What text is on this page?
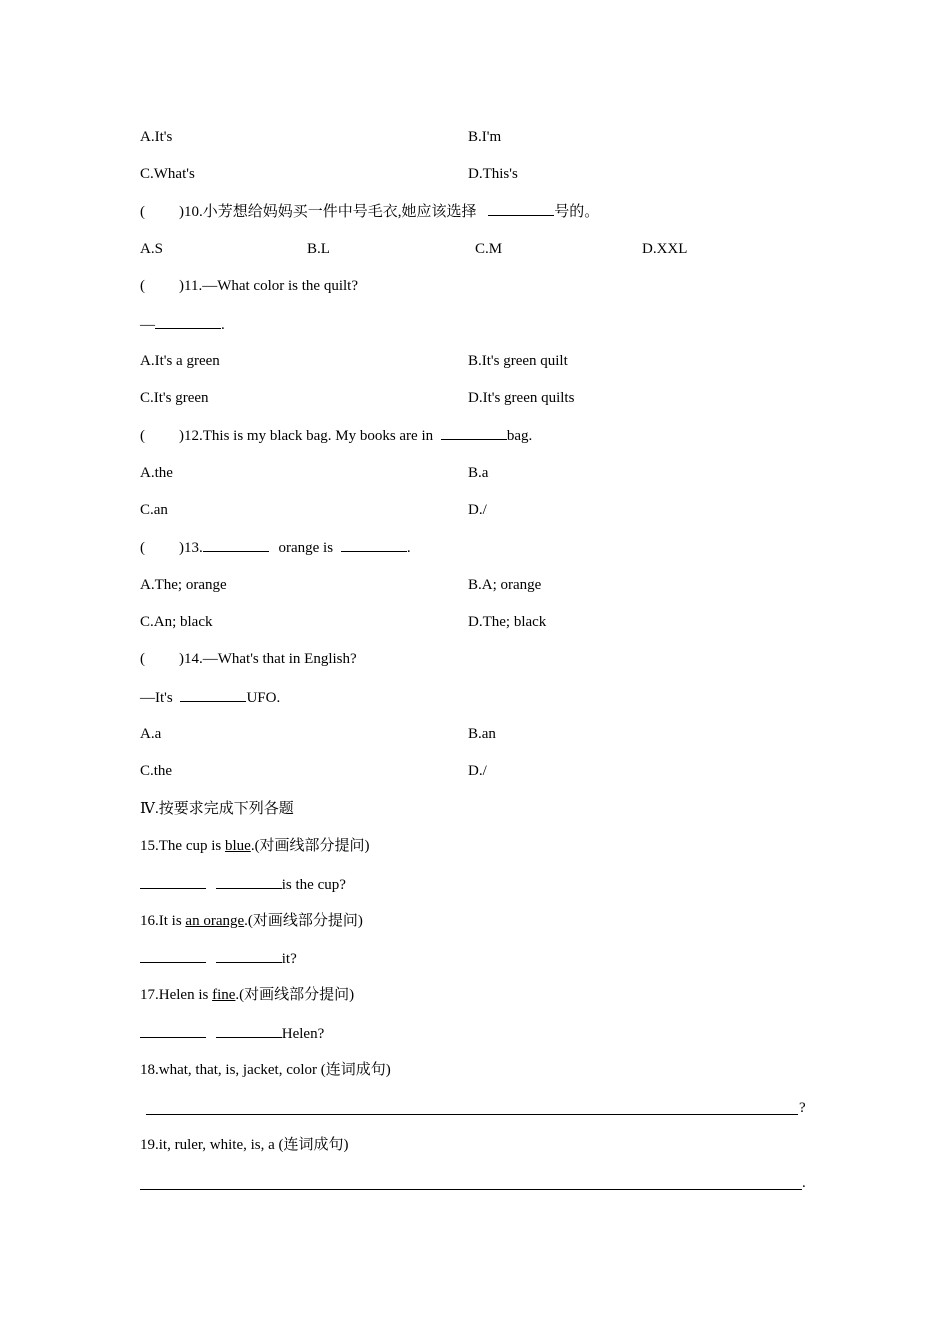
A.It's	B.I'm
C.What's	D.This's
( )10.小芳想给妈妈买一件中号毛衣,她应该选择	号的。
A.S	B.L	C.M	D.XXL
( )11.—What color is the quilt?
—	.
A.It's a green	B.It's green quilt
C.It's green	D.It's green quilts
( )12.This is my black bag. My books are in	bag.
A.the	B.a
C.an	D./
( )13.	orange is	.
A.The; orange	B.A; orange
C.An; black	D.The; black
( )14.—What's that in English?
—It's	UFO.
A.a	B.an
C.the	D./
Ⅳ.按要求完成下列各题
15.The cup is blue.(对画线部分提问)
is the cup?
16.It is an orange.(对画线部分提问)
it?
17.Helen is fine.(对画线部分提问)
Helen?
18.what, that, is, jacket, color (连词成句)
?
19.it, ruler, white, is, a (连词成句)
.
